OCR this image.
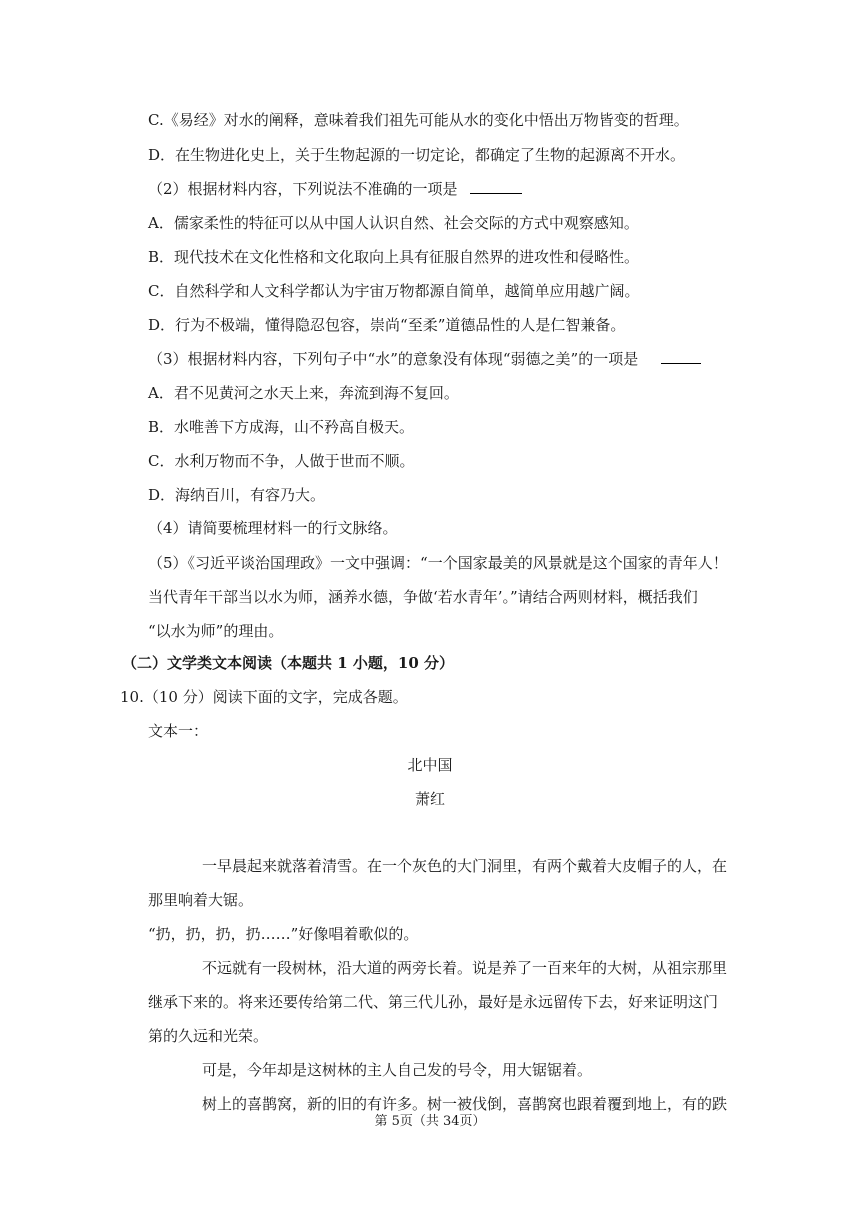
C.《易经》对水的阐释，意味着我们祖先可能从水的变化中悟出万物皆变的哲理。
D．在生物进化史上，关于生物起源的一切定论，都确定了生物的起源离不开水。
（2）根据材料内容，下列说法不准确的一项是
A．儒家柔性的特征可以从中国人认识自然、社会交际的方式中观察感知。
B．现代技术在文化性格和文化取向上具有征服自然界的进攻性和侵略性。
C．自然科学和人文科学都认为宇宙万物都源自简单，越简单应用越广阔。
D．行为不极端，懂得隐忍包容，崇尚“至柔”道德品性的人是仁智兼备。
（3）根据材料内容，下列句子中“水”的意象没有体现“弱德之美”的一项是
A．君不见黄河之水天上来，奔流到海不复回。
B．水唯善下方成海，山不矜高自极天。
C．水利万物而不争，人做于世而不顺。
D．海纳百川，有容乃大。
（4）请简要梳理材料一的行文脉络。
（5）《习近平谈治国理政》一文中强调：“一个国家最美的风景就是这个国家的青年人！
当代青年干部当以水为师，涵养水德，争做‘若水青年’。”请结合两则材料，概括我们
“以水为师”的理由。
（二）文学类文本阅读（本题共 1 小题，10 分）
10.（10 分）阅读下面的文字，完成各题。
文本一：
北中国
萧红
一早晨起来就落着清雪。在一个灰色的大门洞里，有两个戴着大皮帽子的人，在
那里响着大锯。
“扔，扔，扔，扔……”好像唱着歌似的。
不远就有一段树林，沿大道的两旁长着。说是养了一百来年的大树，从祖宗那里
继承下来的。将来还要传给第二代、第三代儿孙，最好是永远留传下去，好来证明这门
第的久远和光荣。
可是，今年却是这树林的主人自己发的号令，用大锯锯着。
树上的喜鹊窝，新的旧的有许多。树一被伐倒，喜鹊窝也跟着覆到地上，有的跌
第 5页（共 34页）
